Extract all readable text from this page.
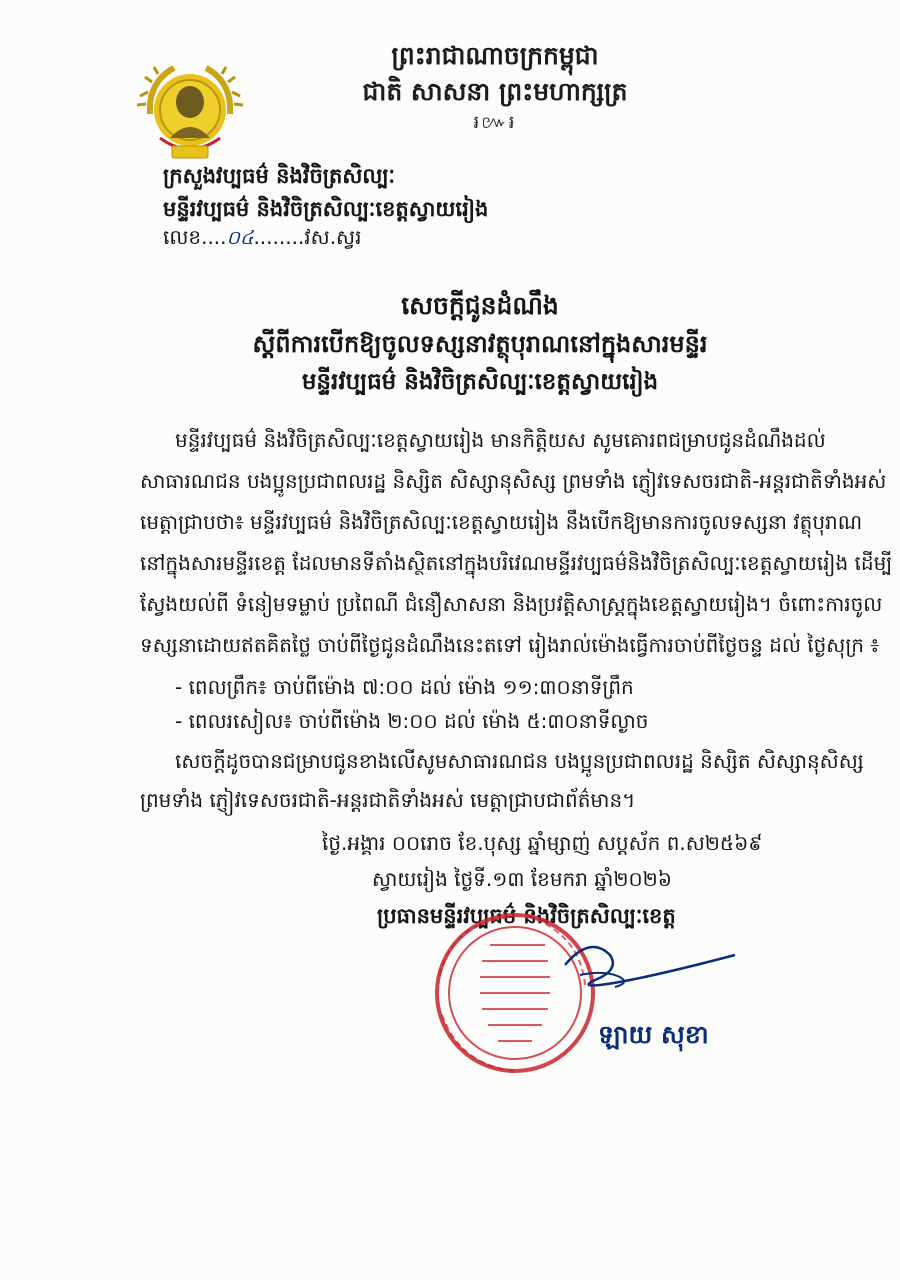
ព្រះរាជាណាចក្រកម្ពុជា
ជាតិ សាសនា ព្រះមហាក្សត្រ
៛៚៛
ក្រសួងវប្បធម៌ និងវិចិត្រសិល្បៈ
មន្ទីរវប្បធម៌ និងវិចិត្រសិល្បៈខេត្តស្វាយរៀង
លេខ....០៤........វស.ស្វរ
សេចក្តីជូនដំណឹង
ស្តីពីការបើកឱ្យចូលទស្សនាវត្ថុបុរាណនៅក្នុងសារមន្ទីរ
មន្ទីរវប្បធម៌ និងវិចិត្រសិល្បៈខេត្តស្វាយរៀង
មន្ទីរវប្បធម៌ និងវិចិត្រសិល្បៈខេត្តស្វាយរៀង មានកិត្តិយស សូមគោរពជម្រាបជូនដំណឹងដល់
សាធារណជន បងប្អូនប្រជាពលរដ្ឋ និស្សិត សិស្សានុសិស្ស ព្រមទាំង ភ្ញៀវទេសចរជាតិ-អន្តរជាតិទាំងអស់
មេត្តាជ្រាបថា៖ មន្ទីរវប្បធម៌ និងវិចិត្រសិល្បៈខេត្តស្វាយរៀង នឹងបើកឱ្យមានការចូលទស្សនា វត្ថុបុរាណ
នៅក្នុងសារមន្ទីរខេត្ត ដែលមានទីតាំងស្ថិតនៅក្នុងបរិវេណមន្ទីរវប្បធម៌និងវិចិត្រសិល្បៈខេត្តស្វាយរៀង ដើម្បី
ស្វែងយល់ពី ទំនៀមទម្លាប់ ប្រពៃណី ជំនឿសាសនា និងប្រវត្តិសាស្ត្រក្នុងខេត្តស្វាយរៀង។ ចំពោះការចូល
ទស្សនាដោយឥតគិតថ្លៃ ចាប់ពីថ្ងៃជូនដំណឹងនេះតទៅ រៀងរាល់ម៉ោងធ្វើការចាប់ពីថ្ងៃចន្ទ ដល់ ថ្ងៃសុក្រ ៖
- ពេលព្រឹក៖ ចាប់ពីម៉ោង ៧:០០ ដល់ ម៉ោង ១១:៣០នាទីព្រឹក
- ពេលរសៀល៖ ចាប់ពីម៉ោង ២:០០ ដល់ ម៉ោង ៥:៣០នាទីល្ងាច
សេចក្តីដូចបានជម្រាបជូនខាងលើសូមសាធារណជន បងប្អូនប្រជាពលរដ្ឋ និស្សិត សិស្សានុសិស្ស
ព្រមទាំង ភ្ញៀវទេសចរជាតិ-អន្តរជាតិទាំងអស់ មេត្តាជ្រាបជាព័ត៌មាន។
ថ្ងៃ.អង្គារ ០០រោច ខែ.បុស្ស ឆ្នាំម្សាញ់ សប្តស័ក ព.ស២៥៦៩
ស្វាយរៀង ថ្ងៃទី.១៣ ខែមករា ឆ្នាំ២០២៦
ប្រធានមន្ទីរវប្បធម៌ និងវិចិត្រសិល្បៈខេត្ត
ឡាយ សុខា
